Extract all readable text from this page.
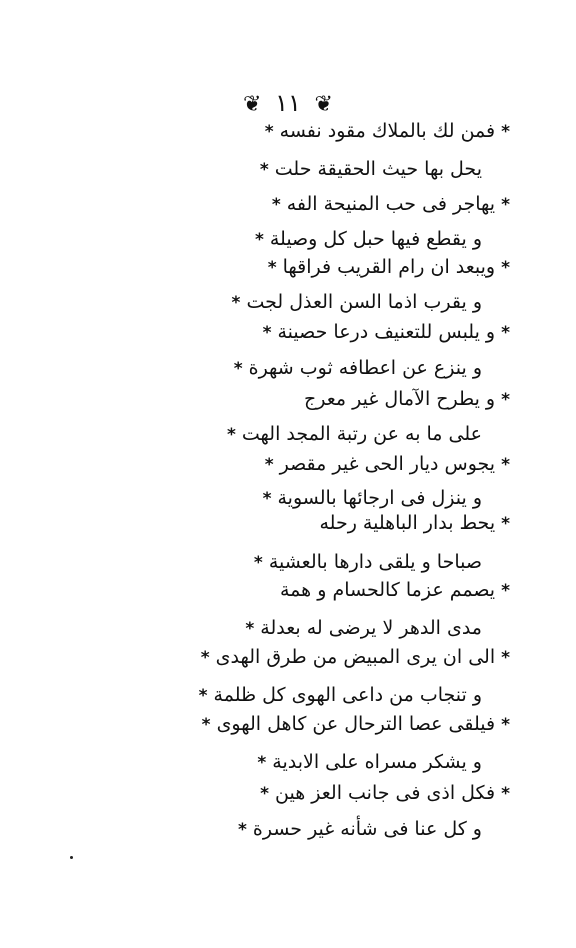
❦ ١١ ❦
*فمن لك بالملاك مقود نفسه*
يحل بها حيث الحقيقة حلت*
*يهاجر فى حب المنيحة الفه*
و يقطع فيها حبل كل وصيلة*
*ويبعد ان رام القريب فراقها*
و يقرب اذما السن العذل لجت*
*و يلبس للتعنيف درعا حصينة*
و ينزع عن اعطافه ثوب شهرة*
*و يطرح الآمال غير معرج
على ما به عن رتبة المجد الهت*
*يجوس ديار الحى غير مقصر*
و ينزل فى ارجائها بالسوية*
*يحط بدار الباهلية رحله
صباحا و يلقى دارها بالعشية*
*يصمم عزما كالحسام و همة
مدى الدهر لا يرضى له بعدلة*
*الى ان يرى المبيض من طرق الهدى*
و تنجاب من داعى الهوى كل ظلمة*
*فيلقى عصا الترحال عن كاهل الهوى*
و يشكر مسراه على الابدية*
*فكل اذى فى جانب العز هين*
و كل عنا فى شأنه غير حسرة*
